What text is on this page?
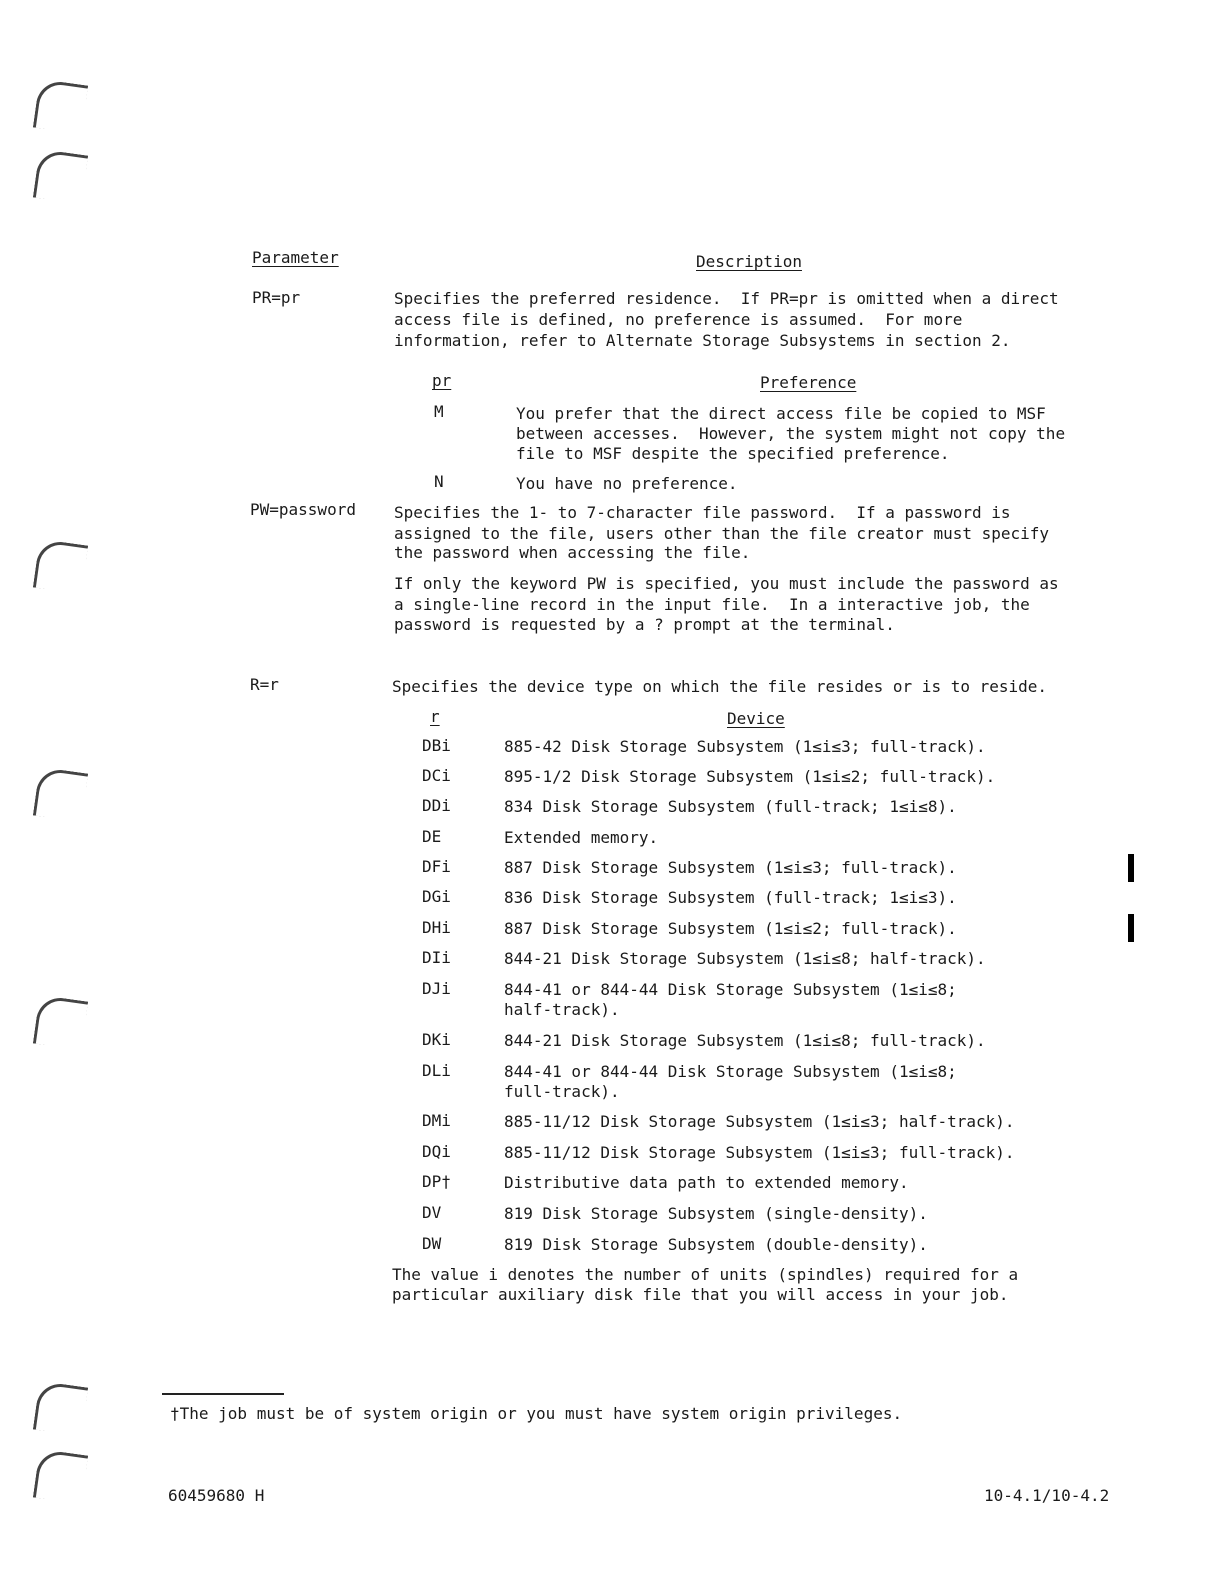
Parameter	Description
PR=pr	Specifies the preferred residence.  If PR=pr is omitted when a direct
access file is defined, no preference is assumed.  For more
information, refer to Alternate Storage Subsystems in section 2.
pr	Preference
M	You prefer that the direct access file be copied to MSF
between accesses.  However, the system might not copy the
file to MSF despite the specified preference.
N	You have no preference.
PW=password Specifies the 1- to 7-character file password.  If a password is
assigned to the file, users other than the file creator must specify
the password when accessing the file.
If only the keyword PW is specified, you must include the password as
a single-line record in the input file.  In a interactive job, the
password is requested by a ? prompt at the terminal.
R=r	Specifies the device type on which the file resides or is to reside.
r	Device
DBi	885-42 Disk Storage Subsystem (1≤i≤3; full-track).
DCi	895-1/2 Disk Storage Subsystem (1≤i≤2; full-track).
DDi	834 Disk Storage Subsystem (full-track; 1≤i≤8).
DE	Extended memory.
DFi	887 Disk Storage Subsystem (1≤i≤3; full-track).
DGi	836 Disk Storage Subsystem (full-track; 1≤i≤3).
DHi	887 Disk Storage Subsystem (1≤i≤2; full-track).
DIi	844-21 Disk Storage Subsystem (1≤i≤8; half-track).
DJi	844-41 or 844-44 Disk Storage Subsystem (1≤i≤8;
half-track).
DKi	844-21 Disk Storage Subsystem (1≤i≤8; full-track).
DLi	844-41 or 844-44 Disk Storage Subsystem (1≤i≤8;
full-track).
DMi	885-11/12 Disk Storage Subsystem (1≤i≤3; half-track).
DQi	885-11/12 Disk Storage Subsystem (1≤i≤3; full-track).
DP†	Distributive data path to extended memory.
DV	819 Disk Storage Subsystem (single-density).
DW	819 Disk Storage Subsystem (double-density).
The value i denotes the number of units (spindles) required for a
particular auxiliary disk file that you will access in your job.
†The job must be of system origin or you must have system origin privileges.
60459680 H	10-4.1/10-4.2
